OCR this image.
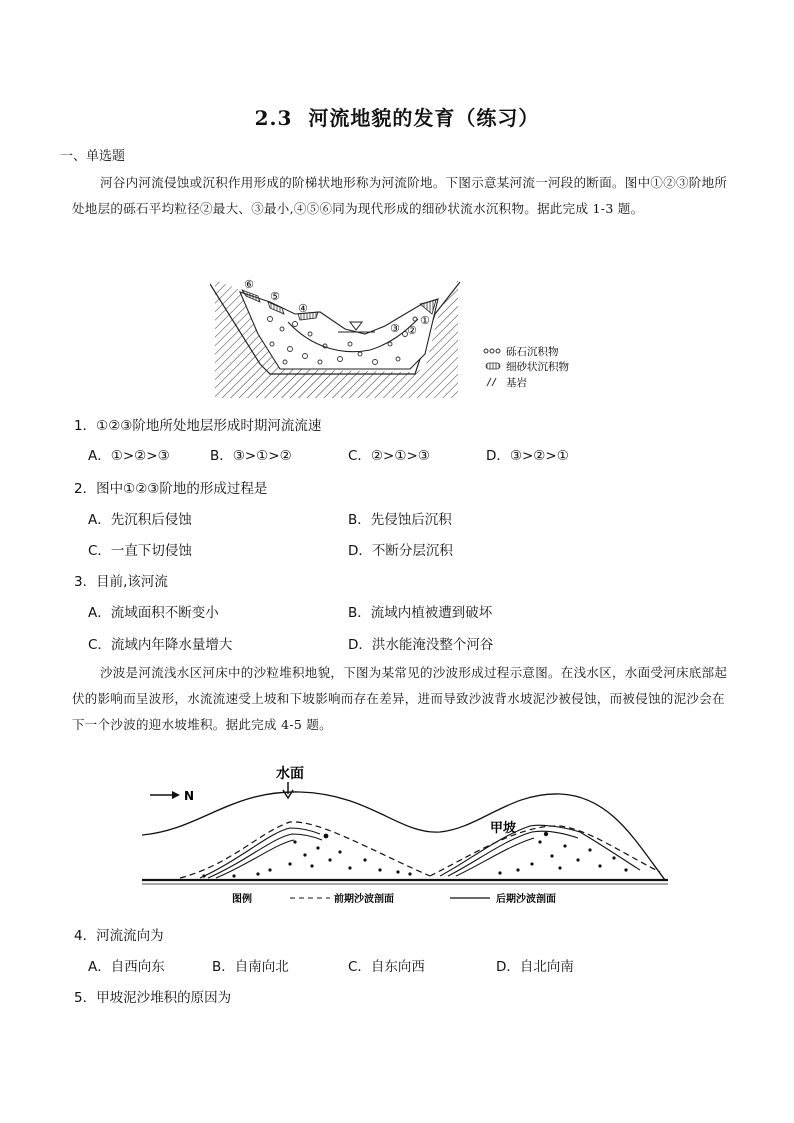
2.3 河流地貌的发育（练习）
一、单选题
河谷内河流侵蚀或沉积作用形成的阶梯状地形称为河流阶地。下图示意某河流一河段的断面。图中①②③阶地所处地层的砾石平均粒径②最大、③最小,④⑤⑥同为现代形成的细砂状流水沉积物。据此完成 1-3 题。
⑥
⑤
④
③ ②
①
砾石沉积物
细砂状沉积物
基岩
1．①②③阶地所处地层形成时期河流流速
A．①>②>③	B．③>①>②	C．②>①>③	D．③>②>①
2．图中①②③阶地的形成过程是
A．先沉积后侵蚀	B．先侵蚀后沉积
C．一直下切侵蚀	D．不断分层沉积
3．目前,该河流
A．流域面积不断变小	B．流域内植被遭到破坏
C．流域内年降水量增大	D．洪水能淹没整个河谷
沙波是河流浅水区河床中的沙粒堆积地貌，下图为某常见的沙波形成过程示意图。在浅水区，水面受河床底部起伏的影响而呈波形，水流流速受上坡和下坡影响而存在差异，进而导致沙波背水坡泥沙被侵蚀，而被侵蚀的泥沙会在下一个沙波的迎水坡堆积。据此完成 4-5 题。
N
水面
甲坡
图例	前期沙波剖面	后期沙波剖面
4．河流流向为
A．自西向东	B．自南向北	C．自东向西	D．自北向南
5．甲坡泥沙堆积的原因为
